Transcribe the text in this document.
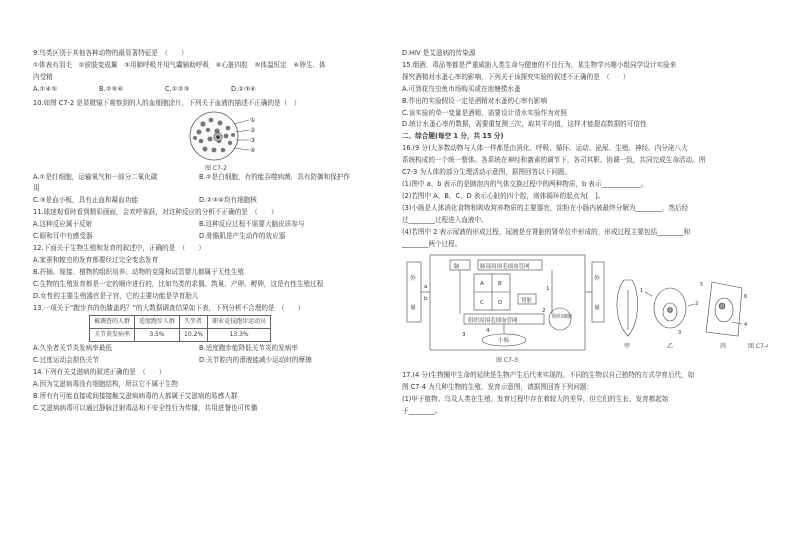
9.鸟类区别于其他各种动物的最显著特征是　（　　）
①体表有羽毛　②前肢变成翼　③用肺呼吸并用气囊辅助呼吸　④心脏四腔　⑤体温恒定　⑥卵生、体
内受精
A.①④⑤	B.②⑤⑥	C.①②③	D.②③⑥
10.如图 C7-2 是显微镜下观察到的人的血细胞涂片，下列关于血液的描述不正确的是（　）
①
②
③
④
图 C7-2
A.①是红细胞，运输氧气和一部分二氧化碳	B.②是白细胞，有的能吞噬病菌，具有防御和保护作
用
C.③是血小板，具有止血和凝血功能	D.②③④均有细胞核
11.球迷观看时看到精彩画面，会欢呼雀跃，对这种反应的分析不正确的是　（　　）
A.这种反应属于反射	B.这种反应过程不需要大脑皮质参与
C.眼和耳中有感受器	D.骨骼肌是产生动作的效应器
12.下面关于生物生殖和发育的叙述中，正确的是　（　　）
A.家蚕和蝗虫的发育都要经过完全变态发育
B.扦插、嫁接、植物的组织培养、动物的克隆和试管婴儿都属于无性生殖
C.生物的生殖发育都是一定的顺序进行的，比如鸟类的求偶、筑巢、产卵、孵卵，这是有性生殖过程
D.女性的主要生殖器官是子宫，它的主要功能是孕育胎儿
13.一项关于“跑步真的伤膝盖吗？”的大数据调查结果如下表，下列分析不合理的是　（　　）
被调查的人群	适度跑步人群	久坐者	职业竞技跑步运动员
关节炎发病率	3.5%	10.2%	13.3%
A.久坐者关节炎发病率最低	B.适度跑步能降低关节炎的发病率
C.过度运动会损伤关节	D.关节腔内的滑液能减少运动时的摩擦
14.下列有关艾滋病的叙述正确的是　（　　）
A.因为艾滋病毒没有细胞结构，所以它不属于生物
B.所有有可能直接或间接接触艾滋病病毒的人都属于艾滋病的易感人群
C.艾滋病病毒可以通过静脉注射毒品和不安全性行为传播，共用进餐也可传播
D.HIV 是艾滋病的传染源
15.烟酒、毒品等都是严重威胁人类生命与健康的不良行为，某生物学兴趣小组同学设计实验来
探究酒精对水蚤心率的影响，下列关于该探究实验的叙述不正确的是　（　　）
A.可到花鸟虫鱼市场购买或在池塘捞水蚤
B.作出的实验假设一定是酒精对水蚤的心率有影响
C.该实验的单一变量是酒精，需要设计清水实验作为对照
D.统计水蚤心率的数据，需要重复测三次，取其平均值，这样才能提高数据的可信性
二、综合题(每空 1 分，共 15 分)
16.(9 分)大多数动物与人体一样都是由消化、呼吸、循环、运动、泌尿、生殖、神经、内分泌八大
系统构成的一个统一整体。各系统在神经和激素的调节下，各司其职、协调一致，共同完成生命活动。图
C7-3 为人体的部分生理活动示意图，据图回答以下问题。
(1)图中 a、b 表示的是肺泡内的气体交换过程中的两种物质，b 表示____________。
(2)若图中 A、B、C、D 表示心脏的四个腔，则体循环的起点为[　]。
(3)小肠是人体消化食物和吸收营养物质的主要器官，淀粉在小肠内被最终分解为________，然后经
过________过程进入血液中。
(4)若图中 2 表示尿液的形成过程，尿液是在肾脏的肾单位中形成的，形成过程主要包括________和
________两个过程。
外
界
外
界
脑	肺部周围毛细血管网
A	B
C	D	肾脏
组织周围毛细血管网
组织细胞
小肠
a
b
1
2
3
4
图 C7-3
1
2
3
4
5
6
甲	乙	丙	图 C7-4
17.(4 分)生物圈中生命的延续是生物产生后代来实现的。不同的生物以自己独特的方式孕育后代，如
图 C7-4 为几种生物的生殖、发育示意图，请据图回答下列问题：
(1)甲于植物、乌及人类在生殖、发育过程中存在着较大的差异，但它们的生长、发育都起始
于________。
